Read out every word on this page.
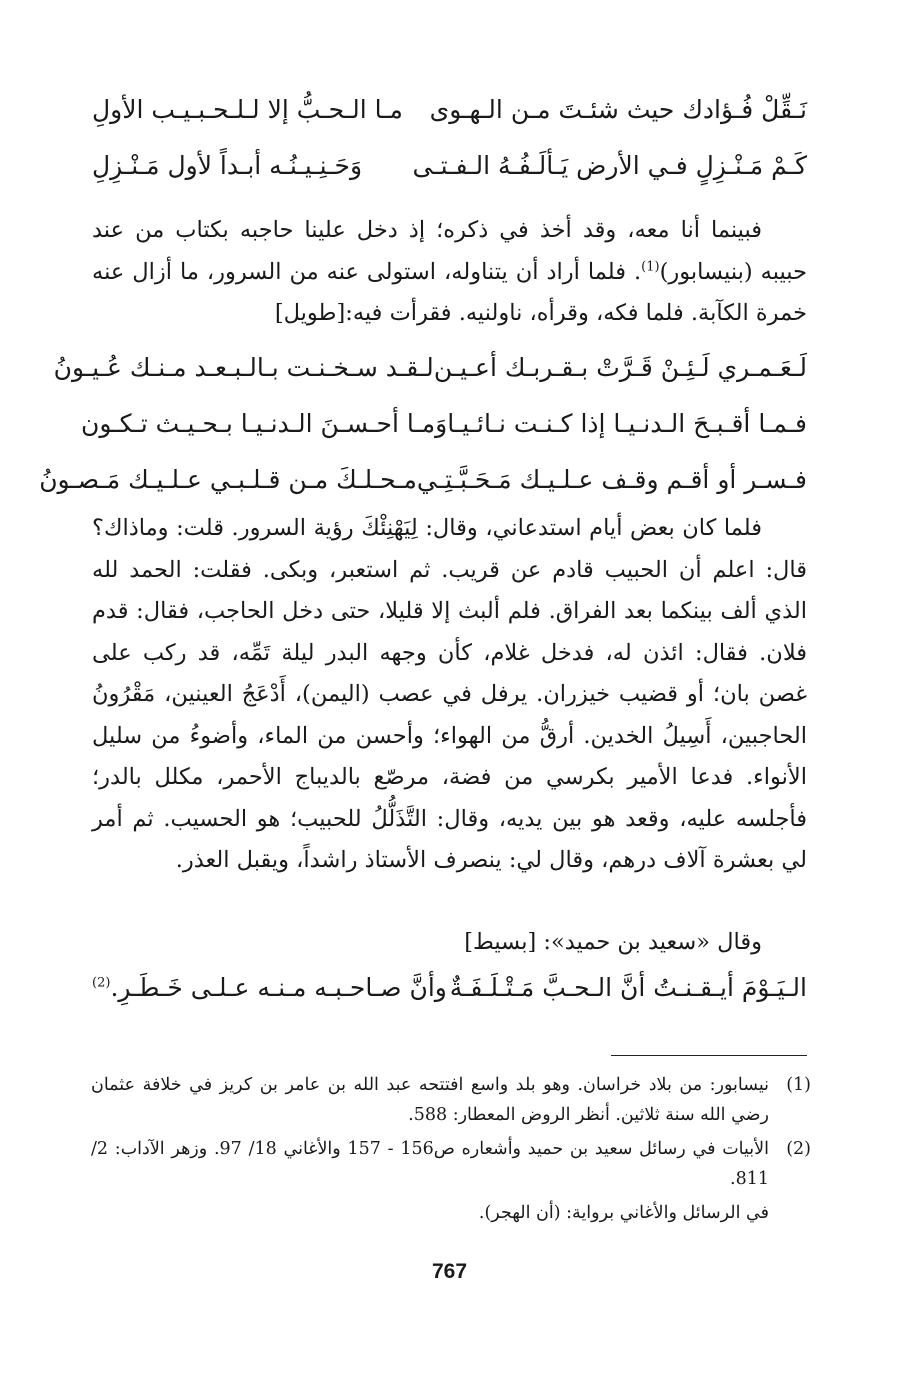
نَـقِّلْ فُـؤادك حيث شئـتَ مـن الـهـوى
مـا الـحـبُّ إلا لـلـحـبـيـب الأولِ
كَـمْ مَـنْـزِلٍ فـي الأرض يَـألَـفُـهُ الـفـتـى
وَحَـنِـيـنُـه أبـداً لأول مَـنْـزِلِ

فبينما أنا معه، وقد أخذ في ذكره؛ إذ دخل علينا حاجبه بكتاب من عند حبيبه (بنيسابور)$^{(1)}$. فلما أراد أن يتناوله، استولى عنه من السرور، ما أزال عنه خمرة الكآبة. فلما فكه، وقرأه، ناولنيه. فقرأت فيه:[طويل]

لَـعَـمـري لَـئِـنْ قَـرَّتْ بـقـربـك أعـيـن
لـقـد سـخـنـت بـالـبـعـد مـنـك عُـيـونُ
فـمـا أقـبـحَ الـدنـيـا إذا كـنـت نـائـيـا
وَمـا أحـسـنَ الـدنـيـا بـحـيـث تـكـون
فـسـر أو أقـم وقـف عـلـيـك مَـحَـبَّـتِـي
مـحـلـكَ مـن قـلـبـي عـلـيـك مَـصـونُ

فلما كان بعض أيام استدعاني، وقال: لِيَهْنِئْكَ رؤية السرور. قلت: وماذاك؟ قال: اعلم أن الحبيب قادم عن قريب. ثم استعبر، وبكى. فقلت: الحمد لله الذي ألف بينكما بعد الفراق. فلم ألبث إلا قليلا، حتى دخل الحاجب، فقال: قدم فلان. فقال: ائذن له، فدخل غلام، كأن وجهه البدر ليلة تَمِّه، قد ركب على غصن بان؛ أو قضيب خيزران. يرفل في عصب (اليمن)، أَدْعَجُ العينين، مَقْرُونُ الحاجبين، أَسِيلُ الخدين. أرقُّ من الهواء؛ وأحسن من الماء، وأضوءُ من سليل الأنواء. فدعا الأمير بكرسي من فضة، مرصّع بالديباج الأحمر، مكلل بالدر؛ فأجلسه عليه، وقعد هو بين يديه، وقال: التَّذَلُّلُ للحبيب؛ هو الحسيب. ثم أمر لي بعشرة آلاف درهم، وقال لي: ينصرف الأستاذ راشداً، ويقبل العذر.

وقال «سعيد بن حميد»: [بسيط]

الـيَـوْمَ أيـقـنـتُ أنَّ الـحـبَّ مَـتْـلَـفَـةٌ
وأنَّ صـاحـبـه مـنـه عـلـى خَـطَـرِ.$^{(2)}$
(1)
نيسابور: من بلاد خراسان. وهو بلد واسع افتتحه عبد الله بن عامر بن كريز في خلافة عثمان رضي الله سنة ثلاثين. أنظر الروض المعطار: 588.
(2)
الأبيات في رسائل سعيد بن حميد وأشعاره ص156 - 157 والأغاني 18/ 97. وزهر الآداب: 2/ 811.
في الرسائل والأغاني برواية: (أن الهجر).
767
